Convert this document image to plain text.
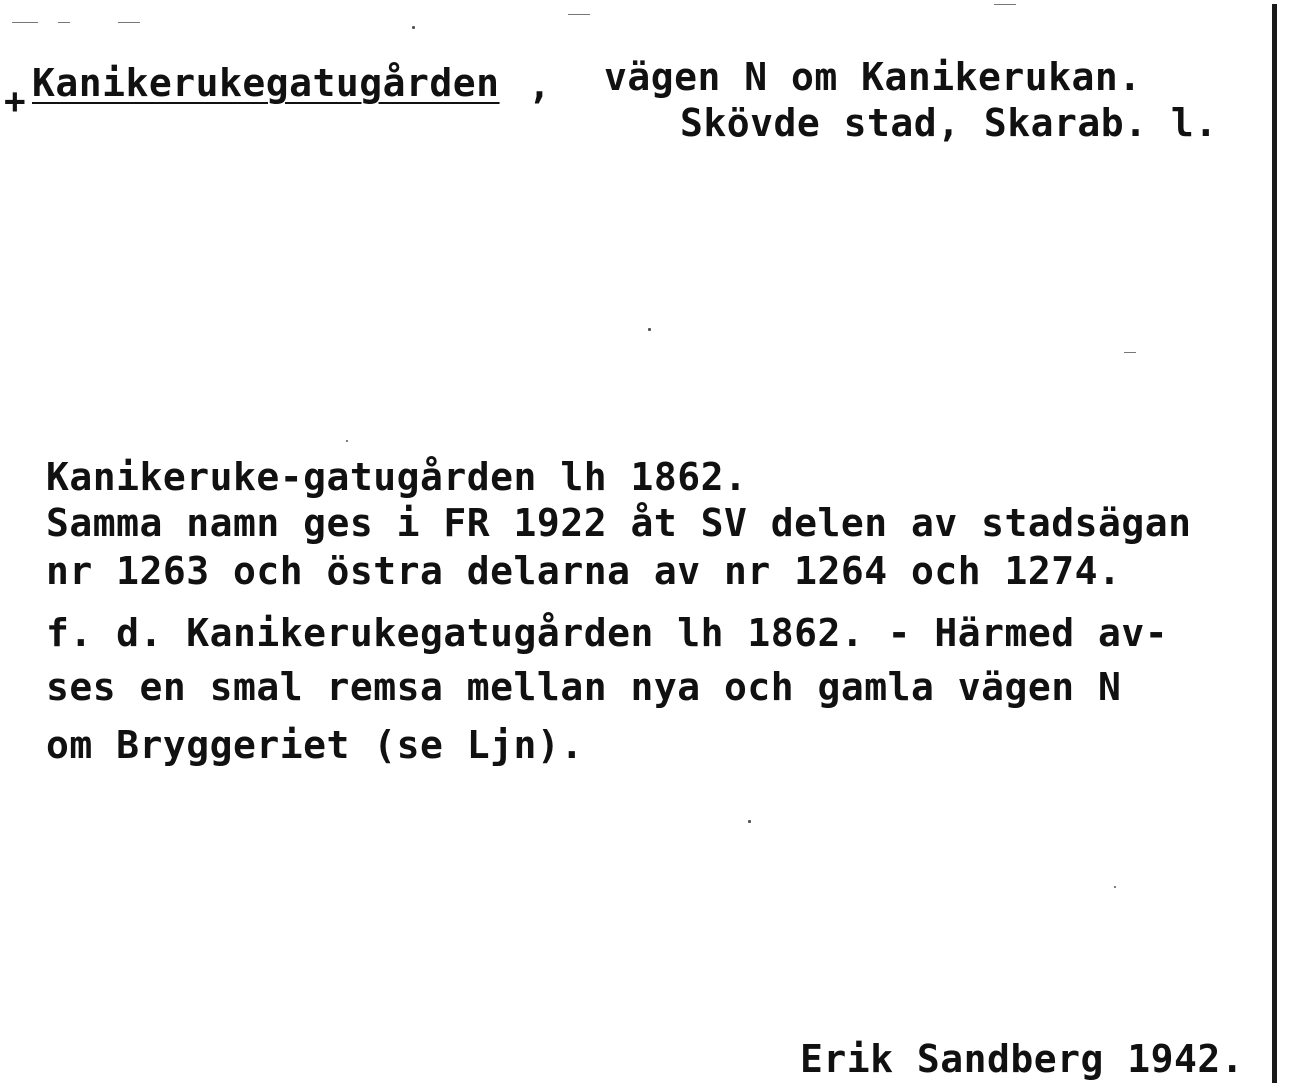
+ Kanikerukegatugården , vägen N om Kanikerukan.
Skövde stad, Skarab. l.
Kanikeruke-gatugården lh 1862.
Samma namn ges i FR 1922 åt SV delen av stadsägan
nr 1263 och östra delarna av nr 1264 och 1274.
f. d. Kanikerukegatugården lh 1862. - Härmed av-
ses en smal remsa mellan nya och gamla vägen N
om Bryggeriet (se Ljn).
Erik Sandberg 1942.
